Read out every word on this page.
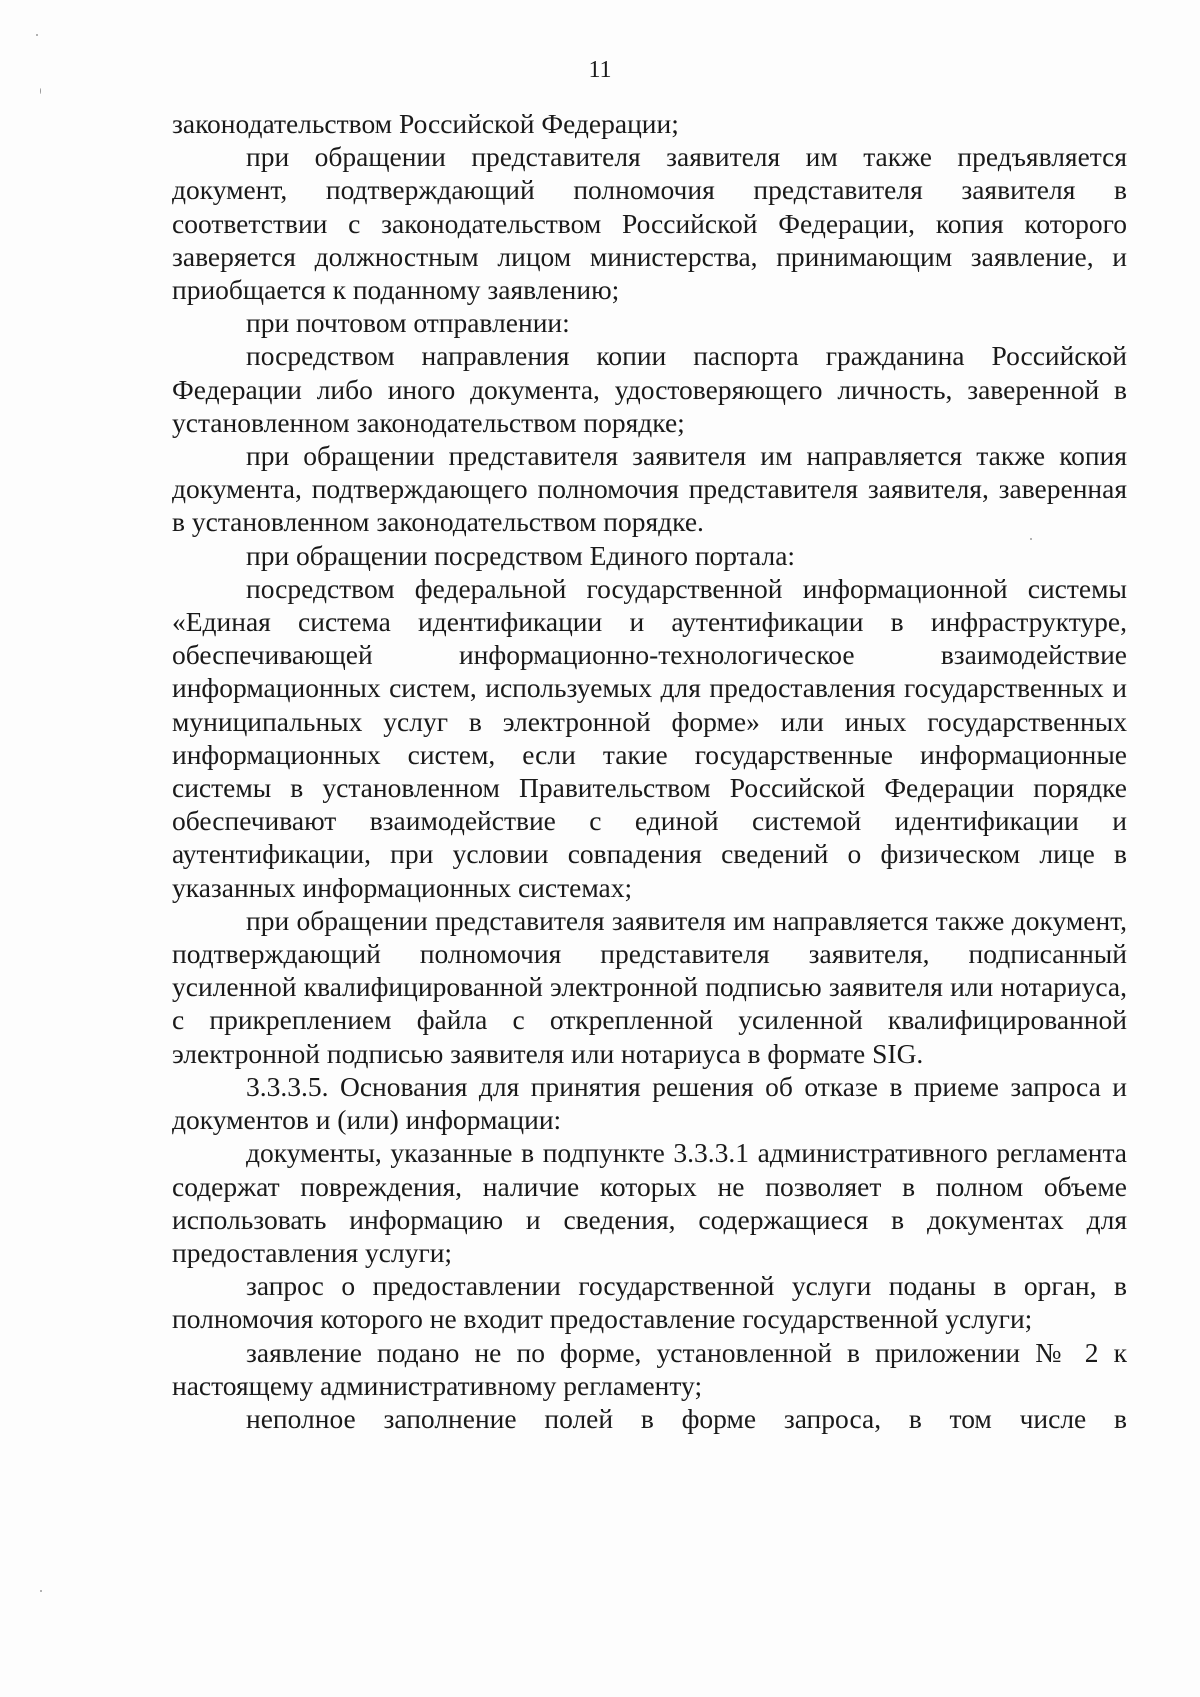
11

законодательством Российской Федерации;

при обращении представителя заявителя им также предъявляется документ, подтверждающий полномочия представителя заявителя в соответствии с законодательством Российской Федерации, копия которого заверяется должностным лицом министерства, принимающим заявление, и приобщается к поданному заявлению;

при почтовом отправлении:

посредством направления копии паспорта гражданина Российской Федерации либо иного документа, удостоверяющего личность, заверенной в установленном законодательством порядке;

при обращении представителя заявителя им направляется также копия документа, подтверждающего полномочия представителя заявителя, заверенная в установленном законодательством порядке.

при обращении посредством Единого портала:

посредством федеральной государственной информационной системы «Единая система идентификации и аутентификации в инфраструктуре, обеспечивающей информационно-технологическое взаимодействие информационных систем, используемых для предоставления государственных и муниципальных услуг в электронной форме» или иных государственных информационных систем, если такие государственные информационные системы в установленном Правительством Российской Федерации порядке обеспечивают взаимодействие с единой системой идентификации и аутентификации, при условии совпадения сведений о физическом лице в указанных информационных системах;

при обращении представителя заявителя им направляется также документ, подтверждающий полномочия представителя заявителя, подписанный усиленной квалифицированной электронной подписью заявителя или нотариуса, с прикреплением файла с открепленной усиленной квалифицированной электронной подписью заявителя или нотариуса в формате SIG.

3.3.3.5. Основания для принятия решения об отказе в приеме запроса и документов и (или) информации:

документы, указанные в подпункте 3.3.3.1 административного регламента содержат повреждения, наличие которых не позволяет в полном объеме использовать информацию и сведения, содержащиеся в документах для предоставления услуги;

запрос о предоставлении государственной услуги поданы в орган, в полномочия которого не входит предоставление государственной услуги;

заявление подано не по форме, установленной в приложении № 2 к настоящему административному регламенту;

неполное заполнение полей в форме запроса, в том числе в
